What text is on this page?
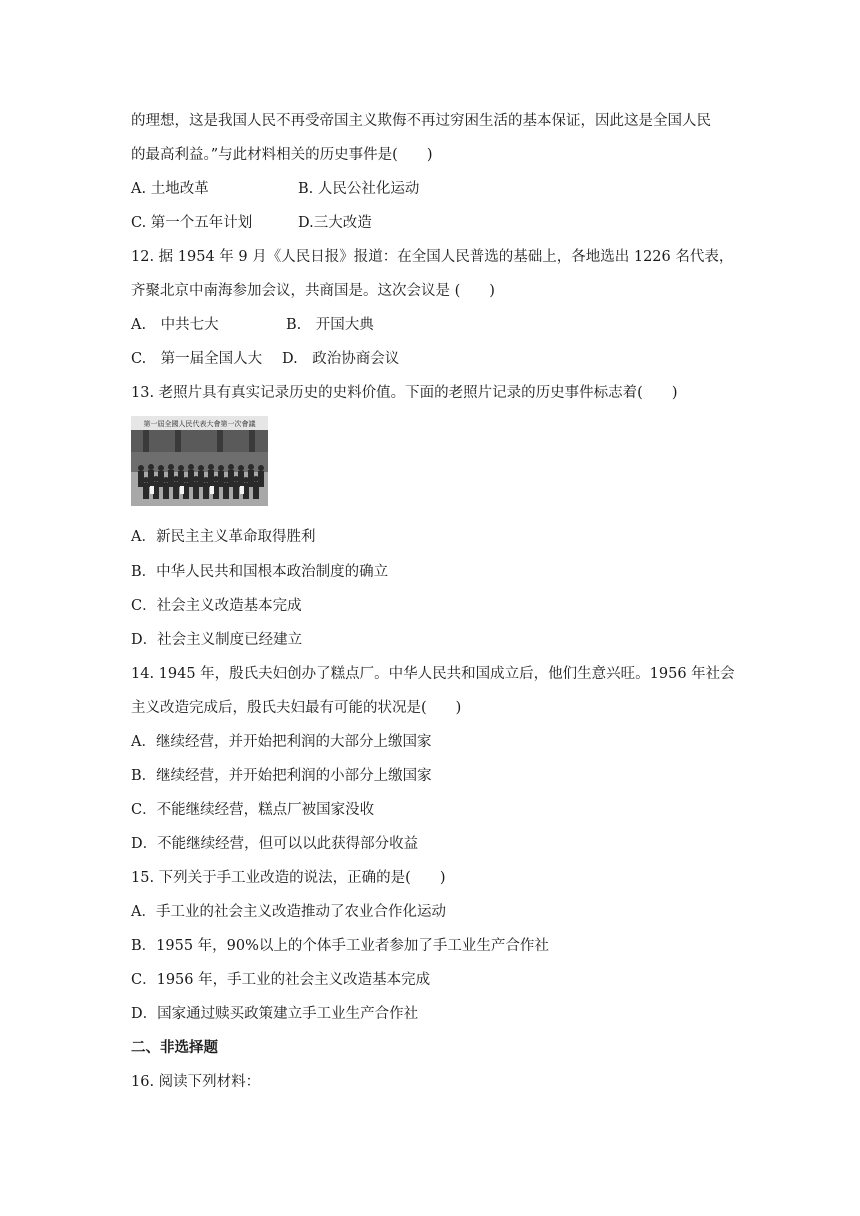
的理想，这是我国人民不再受帝国主义欺侮不再过穷困生活的基本保证，因此这是全国人民
的最高利益。”与此材料相关的历史事件是(　　)
A. 土地改革	B. 人民公社化运动
C. 第一个五年计划	D.三大改造
12. 据 1954 年 9 月《人民日报》报道：在全国人民普选的基础上，各地选出 1226 名代表，
齐聚北京中南海参加会议，共商国是。这次会议是 (　　)
A.　中共七大	B.　开国大典
C.　第一届全国人大 D.　政治协商会议
13. 老照片具有真实记录历史的史料价值。下面的老照片记录的历史事件标志着(　　)
第一屆全國人民代表大會第一次會議
A．新民主主义革命取得胜利
B．中华人民共和国根本政治制度的确立
C．社会主义改造基本完成
D．社会主义制度已经建立
14. 1945 年，殷氏夫妇创办了糕点厂。中华人民共和国成立后，他们生意兴旺。1956 年社会
主义改造完成后，殷氏夫妇最有可能的状况是(　　)
A．继续经营，并开始把利润的大部分上缴国家
B．继续经营，并开始把利润的小部分上缴国家
C．不能继续经营，糕点厂被国家没收
D．不能继续经营，但可以以此获得部分收益
15. 下列关于手工业改造的说法，正确的是(　　)
A．手工业的社会主义改造推动了农业合作化运动
B．1955 年，90%以上的个体手工业者参加了手工业生产合作社
C．1956 年，手工业的社会主义改造基本完成
D．国家通过赎买政策建立手工业生产合作社
二、非选择题
16. 阅读下列材料：
